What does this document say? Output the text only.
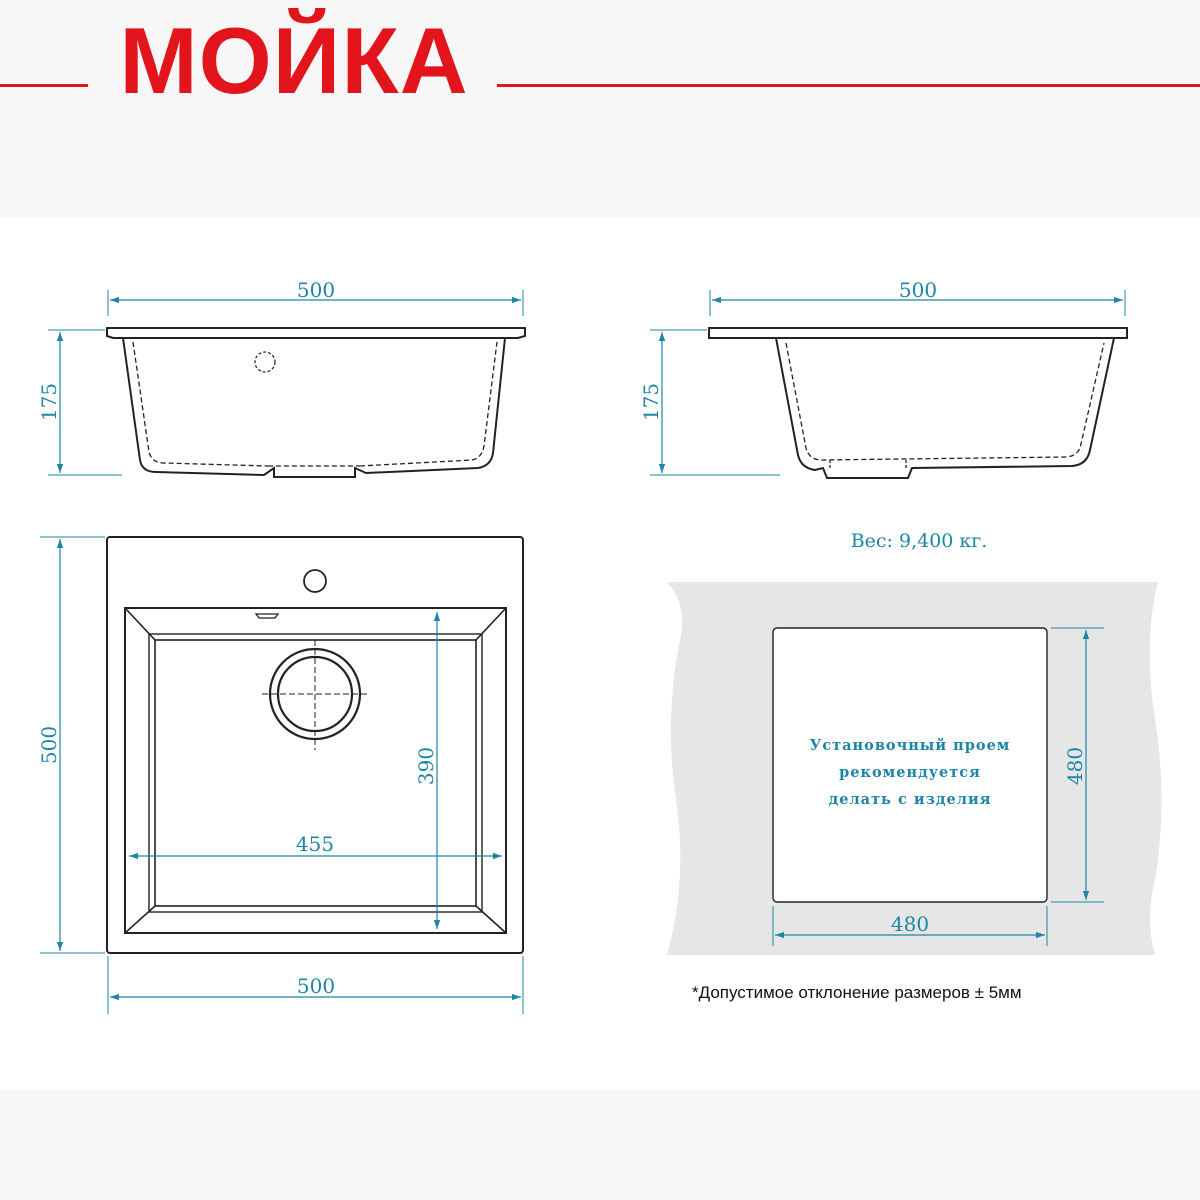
МОЙКА
500
175
500
175
500
390
455
500
Вес: 9,400 кг.
Установочный проем
рекомендуется
делать с изделия
480
480
*Допустимое отклонение размеров ± 5мм
